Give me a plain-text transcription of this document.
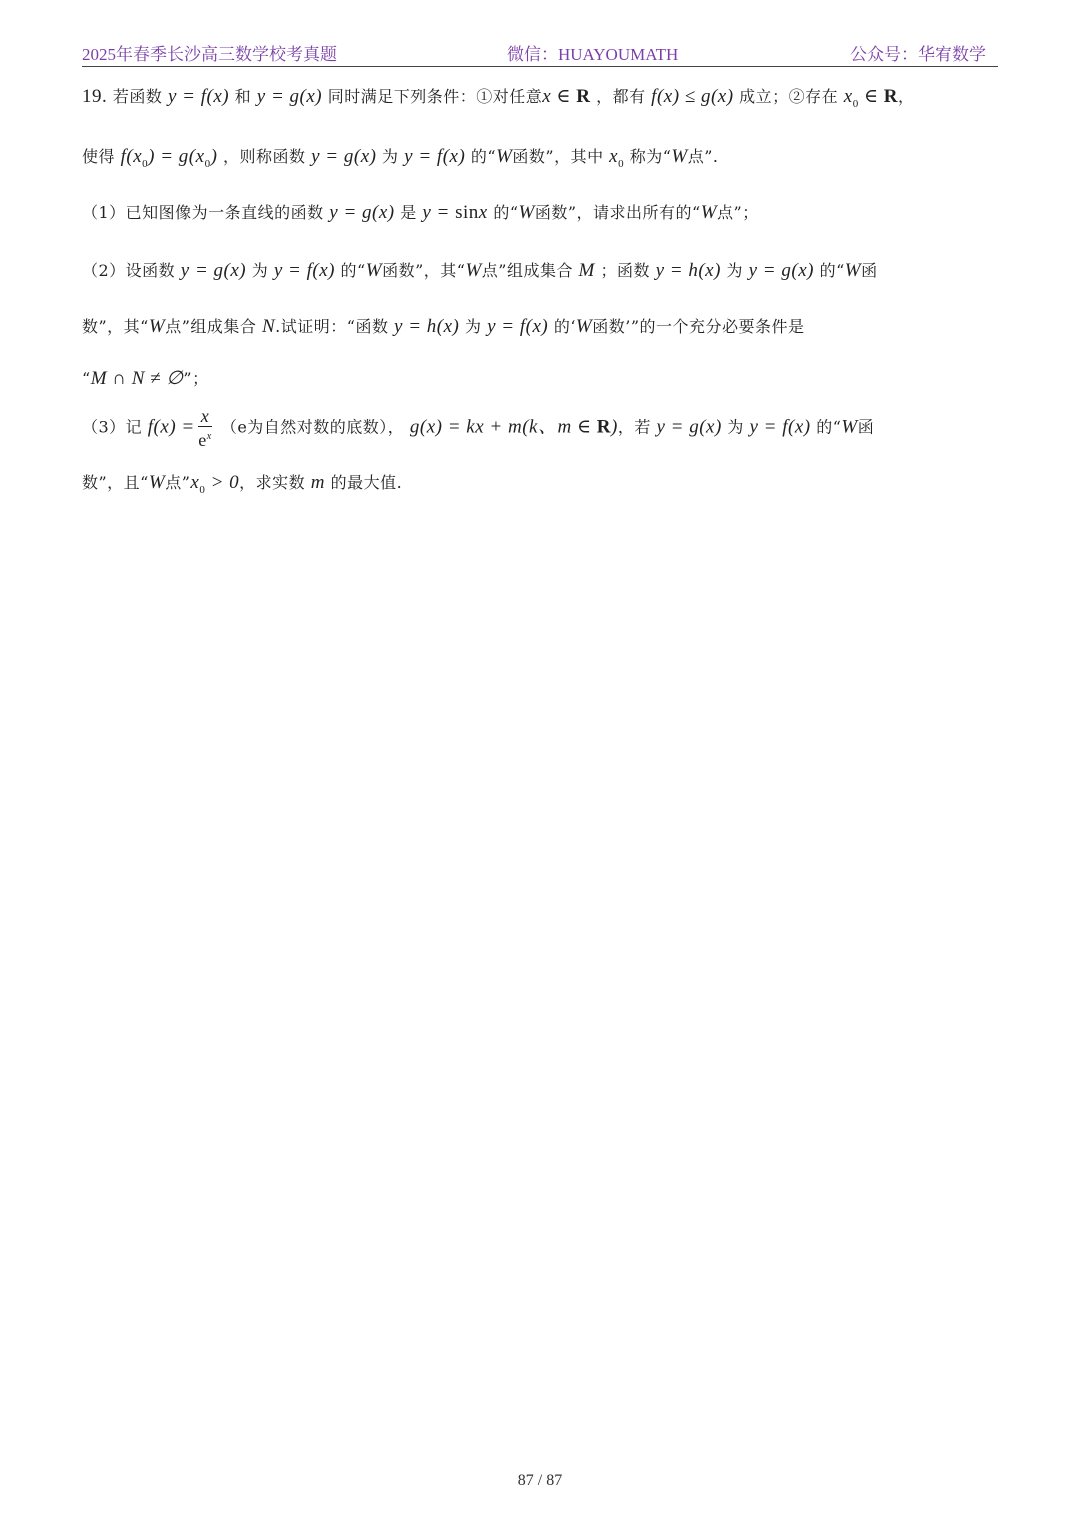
2025年春季长沙高三数学校考真题	微信：HUAYOUMATH	公众号：华宥数学
19. 若函数 y = f(x) 和 y = g(x) 同时满足下列条件：①对任意x ∈ R ，都有 f(x) ≤ g(x) 成立；②存在 $x_0$ ∈ R，
使得 $f(x_0) = g(x_0)$ ，则称函数 y = g(x) 为 y = f(x) 的“W函数”，其中 $x_0$ 称为“W点”.
（1）已知图像为一条直线的函数 y = g(x) 是 y = sinx 的“W函数”，请求出所有的“W点”；
（2）设函数 y = g(x) 为 y = f(x) 的“W函数”，其“W点”组成集合 M ；函数 y = h(x) 为 y = g(x) 的“W函
数”，其“W点”组成集合 N.试证明：“函数 y = h(x) 为 y = f(x) 的‘W函数’”的一个充分必要条件是
“M ∩ N ≠ ∅”；
（3）记 $f(x) = \frac{x}{e^x} (e$为自然对数的底数）， g(x) = kx + m(k、m ∈ R)，若 y = g(x) 为 y = f(x) 的“W函
数”，且“W点$”x_0 > 0$，求实数 m 的最大值.
87 / 87
